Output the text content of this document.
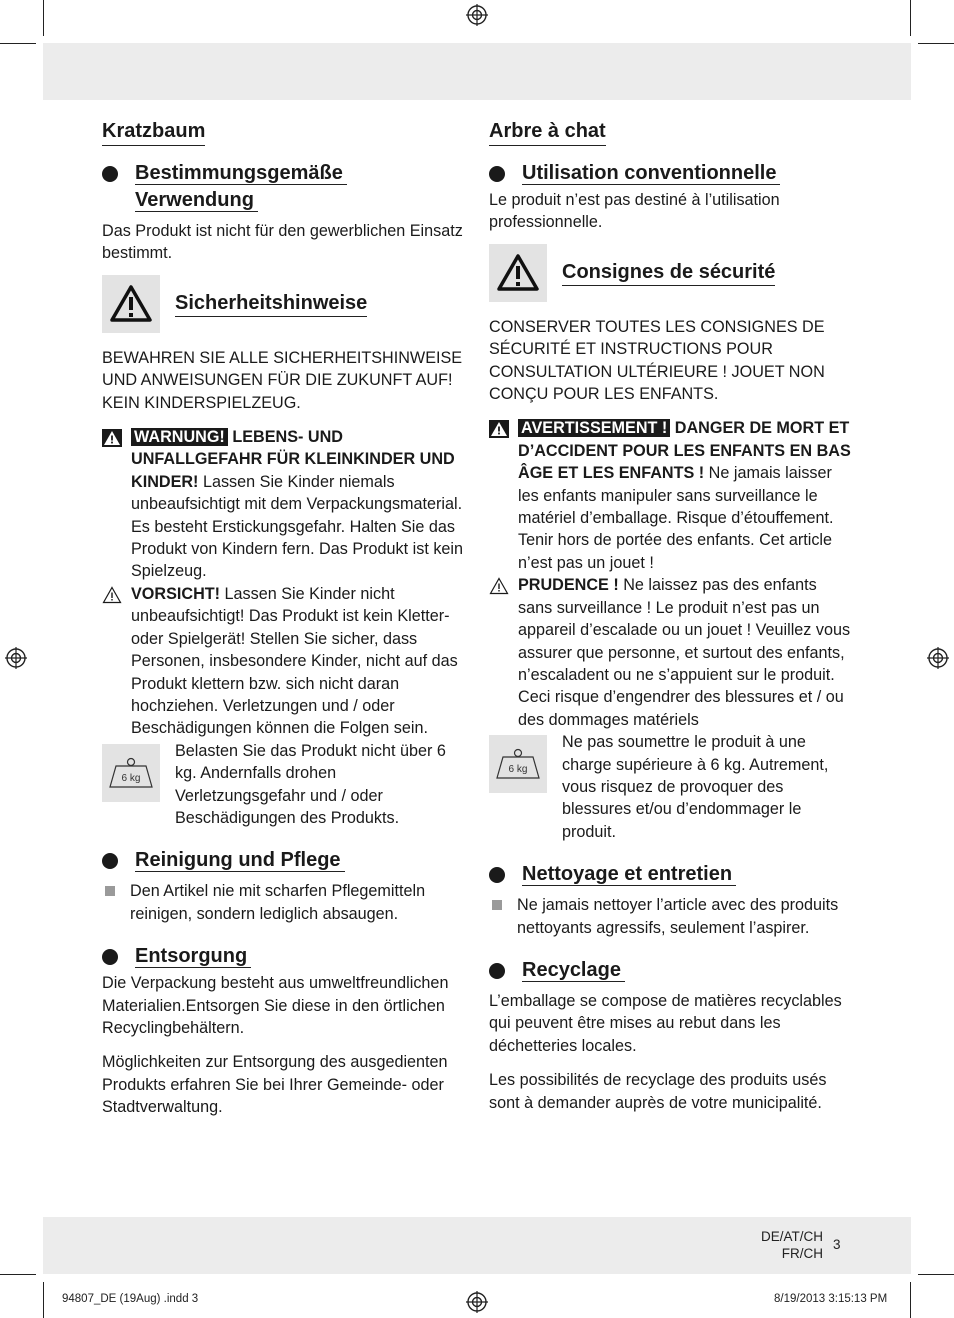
Kratzbaum
Bestimmungsgemäße
Verwendung

Das Produkt ist nicht für den gewerblichen Einsatz bestimmt.

Sicherheitshinweise

BEWAHREN SIE ALLE SICHERHEITSHINWEISE UND ANWEISUNGEN FÜR DIE ZUKUNFT AUF! KEIN KINDERSPIELZEUG.

WARNUNG! LEBENS- UND UNFALLGEFAHR FÜR KLEINKINDER UND KINDER! Lassen Sie Kinder niemals unbeaufsichtigt mit dem Verpackungsmaterial. Es besteht Erstickungsgefahr. Halten Sie das Produkt von Kindern fern. Das Produkt ist kein Spielzeug.
VORSICHT! Lassen Sie Kinder nicht unbeaufsichtigt! Das Produkt ist kein Kletter- oder Spielgerät! Stellen Sie sicher, dass Personen, insbesondere Kinder, nicht auf das Produkt klettern bzw. sich nicht daran hochziehen. Verletzungen und / oder Beschädigungen können die Folgen sein.
6 kg
Belasten Sie das Produkt nicht über 6 kg. Andernfalls drohen Verletzungsgefahr und / oder Beschädigungen des Produkts.
Reinigung und Pflege
Den Artikel nie mit scharfen Pflegemitteln reinigen, sondern lediglich absaugen.
Entsorgung

Die Verpackung besteht aus umweltfreundlichen Materialien.Entsorgen Sie diese in den örtlichen Recyclingbehältern.

Möglichkeiten zur Entsorgung des ausgedienten Produkts erfahren Sie bei Ihrer Gemeinde- oder Stadtverwaltung.

Arbre à chat
Utilisation conventionnelle

Le produit n’est pas destiné à l’utilisation professionnelle.

Consignes de sécurité

CONSERVER TOUTES LES CONSIGNES DE SÉCURITÉ ET INSTRUCTIONS POUR CONSULTATION ULTÉRIEURE ! JOUET NON CONÇU POUR LES ENFANTS.

AVERTISSEMENT ! DANGER DE MORT ET D’ACCIDENT POUR LES ENFANTS EN BAS ÂGE ET LES ENFANTS ! Ne jamais laisser les enfants manipuler sans surveillance le matériel d’emballage. Risque d’étouffement. Tenir hors de portée des enfants. Cet article n’est pas un jouet !
PRUDENCE ! Ne laissez pas des enfants sans surveillance ! Le produit n’est pas un appareil d’escalade ou un jouet ! Veuillez vous assurer que personne, et surtout des enfants, n’escaladent ou ne s’appuient sur le produit. Ceci risque d’engendrer des blessures et / ou des dommages matériels
6 kg
Ne pas soumettre le produit à une charge supérieure à 6 kg. Autrement, vous risquez de provoquer des blessures et/ou d’endommager le produit.
Nettoyage et entretien
Ne jamais nettoyer l’article avec des produits nettoyants agressifs, seulement l’aspirer.
Recyclage

L’emballage se compose de matières recyclables qui peuvent être mises au rebut dans les déchetteries locales.

Les possibilités de recyclage des produits usés sont à demander auprès de votre municipalité.

DE/AT/CH
FR/CH
3
94807_DE (19Aug) .indd 3	8/19/2013 3:15:13 PM
